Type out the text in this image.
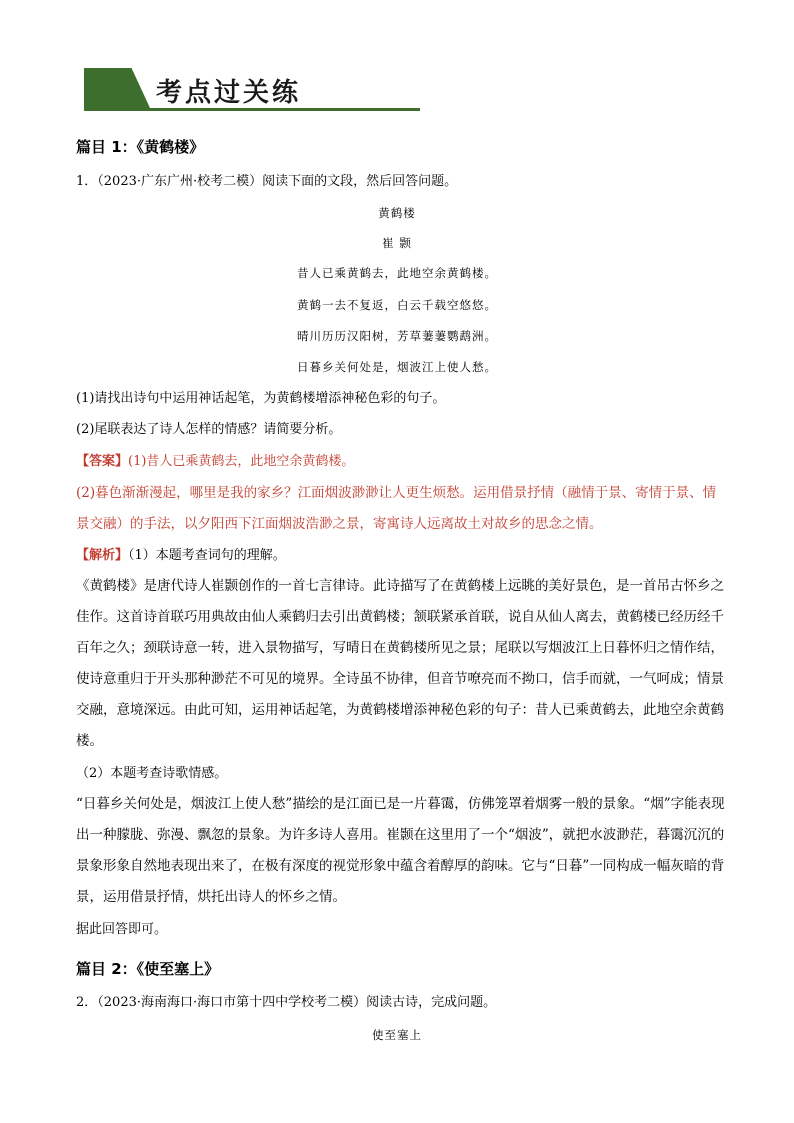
考点过关练
篇目 1：《黄鹤楼》
1．（2023·广东广州·校考二模）阅读下面的文段，然后回答问题。
黄鹤楼
崔 颢
昔人已乘黄鹤去，此地空余黄鹤楼。
黄鹤一去不复返，白云千载空悠悠。
晴川历历汉阳树，芳草萋萋鹦鹉洲。
日暮乡关何处是，烟波江上使人愁。
(1)请找出诗句中运用神话起笔，为黄鹤楼增添神秘色彩的句子。
(2)尾联表达了诗人怎样的情感？请简要分析。
【答案】(1)昔人已乘黄鹤去，此地空余黄鹤楼。
(2)暮色渐渐漫起，哪里是我的家乡？江面烟波渺渺让人更生烦愁。运用借景抒情（融情于景、寄情于景、情景交融）的手法，以夕阳西下江面烟波浩渺之景，寄寓诗人远离故土对故乡的思念之情。
【解析】（1）本题考查词句的理解。
《黄鹤楼》是唐代诗人崔颢创作的一首七言律诗。此诗描写了在黄鹤楼上远眺的美好景色，是一首吊古怀乡之佳作。这首诗首联巧用典故由仙人乘鹤归去引出黄鹤楼；颔联紧承首联，说自从仙人离去，黄鹤楼已经历经千百年之久；颈联诗意一转，进入景物描写，写晴日在黄鹤楼所见之景；尾联以写烟波江上日暮怀归之情作结，使诗意重归于开头那种渺茫不可见的境界。全诗虽不协律，但音节嘹亮而不拗口，信手而就，一气呵成；情景交融，意境深远。由此可知，运用神话起笔，为黄鹤楼增添神秘色彩的句子：昔人已乘黄鹤去，此地空余黄鹤楼。
（2）本题考查诗歌情感。
“日暮乡关何处是，烟波江上使人愁”描绘的是江面已是一片暮霭，仿佛笼罩着烟雾一般的景象。“烟”字能表现出一种朦胧、弥漫、飘忽的景象。为许多诗人喜用。崔颢在这里用了一个“烟波”，就把水波渺茫，暮霭沉沉的景象形象自然地表现出来了，在极有深度的视觉形象中蕴含着醇厚的韵味。它与“日暮”一同构成一幅灰暗的背景，运用借景抒情，烘托出诗人的怀乡之情。
据此回答即可。
篇目 2：《使至塞上》
2．（2023·海南海口·海口市第十四中学校考二模）阅读古诗，完成问题。
使至塞上
